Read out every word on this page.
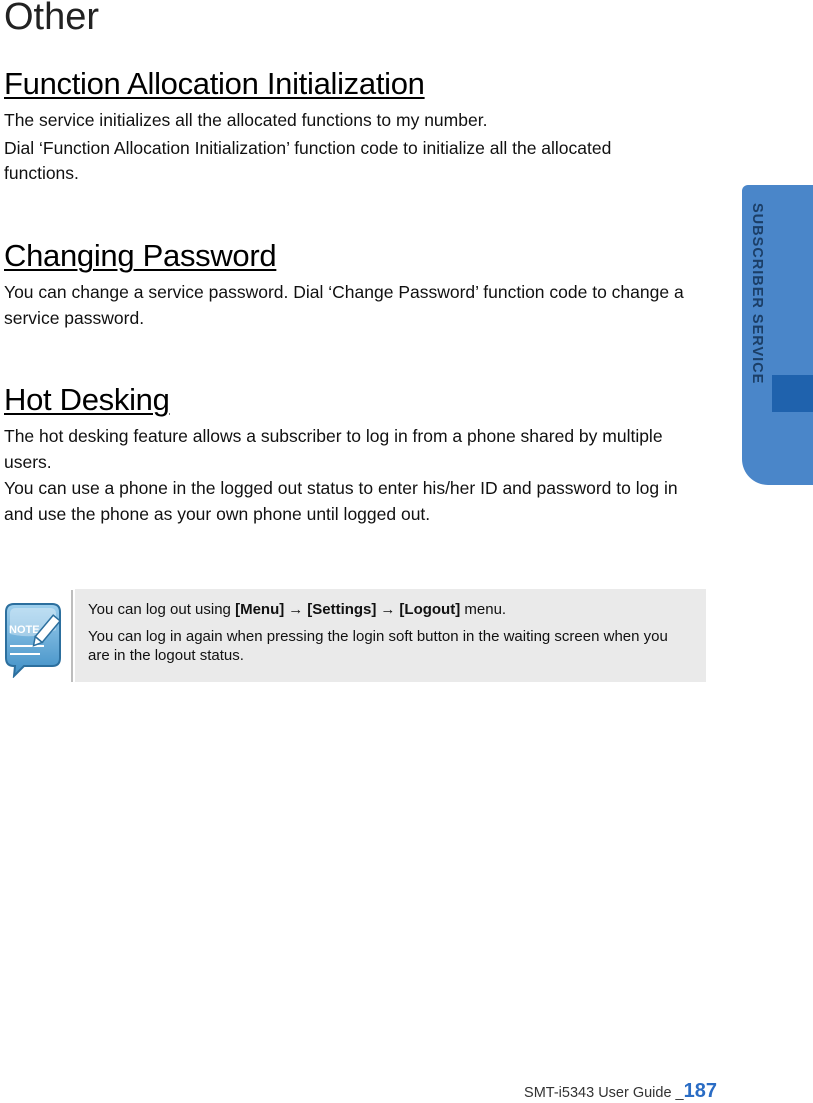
Other
Function Allocation Initialization

The service initializes all the allocated functions to my number.

Dial ‘Function Allocation Initialization’ function code to initialize all the allocated functions.

Changing Password

You can change a service password. Dial ‘Change Password’ function code to change a service password.

Hot Desking

The hot desking feature allows a subscriber to log in from a phone shared by multiple users.

You can use a phone in the logged out status to enter his/her ID and password to log in and use the phone as your own phone until logged out.

SUBSCRIBER SERVICE
NOTE

You can log out using [Menu] → [Settings] → [Logout] menu.

You can log in again when pressing the login soft button in the waiting screen when you are in the logout status.

SMT-i5343 User Guide _187
